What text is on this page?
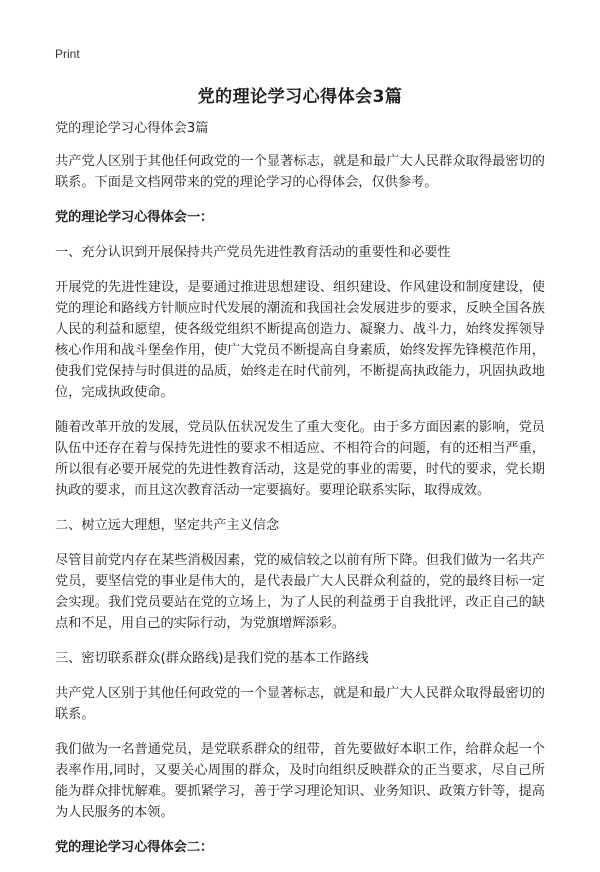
Print
党的理论学习心得体会3篇

党的理论学习心得体会3篇

共产党人区别于其他任何政党的一个显著标志，就是和最广大人民群众取得最密切的联系。下面是文档网带来的党的理论学习的心得体会，仅供参考。

党的理论学习心得体会一：

一、充分认识到开展保持共产党员先进性教育活动的重要性和必要性

开展党的先进性建设，是要通过推进思想建设、组织建设、作风建设和制度建设，使党的理论和路线方针顺应时代发展的潮流和我国社会发展进步的要求，反映全国各族人民的利益和愿望，使各级党组织不断提高创造力、凝聚力、战斗力，始终发挥领导核心作用和战斗堡垒作用，使广大党员不断提高自身素质，始终发挥先锋模范作用，使我们党保持与时俱进的品质，始终走在时代前列，不断提高执政能力，巩固执政地位，完成执政使命。

随着改革开放的发展，党员队伍状况发生了重大变化。由于多方面因素的影响，党员队伍中还存在着与保持先进性的要求不相适应、不相符合的问题，有的还相当严重，所以很有必要开展党的先进性教育活动，这是党的事业的需要，时代的要求，党长期执政的要求，而且这次教育活动一定要搞好。要理论联系实际，取得成效。

二、树立远大理想，坚定共产主义信念

尽管目前党内存在某些消极因素，党的威信较之以前有所下降。但我们做为一名共产党员，要坚信党的事业是伟大的，是代表最广大人民群众利益的，党的最终目标一定会实现。我们党员要站在党的立场上，为了人民的利益勇于自我批评，改正自己的缺点和不足，用自己的实际行动，为党旗增辉添彩。

三、密切联系群众(群众路线)是我们党的基本工作路线

共产党人区别于其他任何政党的一个显著标志，就是和最广大人民群众取得最密切的联系。

我们做为一名普通党员，是党联系群众的纽带，首先要做好本职工作，给群众起一个表率作用,同时，又要关心周围的群众，及时向组织反映群众的正当要求，尽自己所能为群众排忧解难。要抓紧学习，善于学习理论知识、业务知识、政策方针等，提高为人民服务的本领。

党的理论学习心得体会二：
